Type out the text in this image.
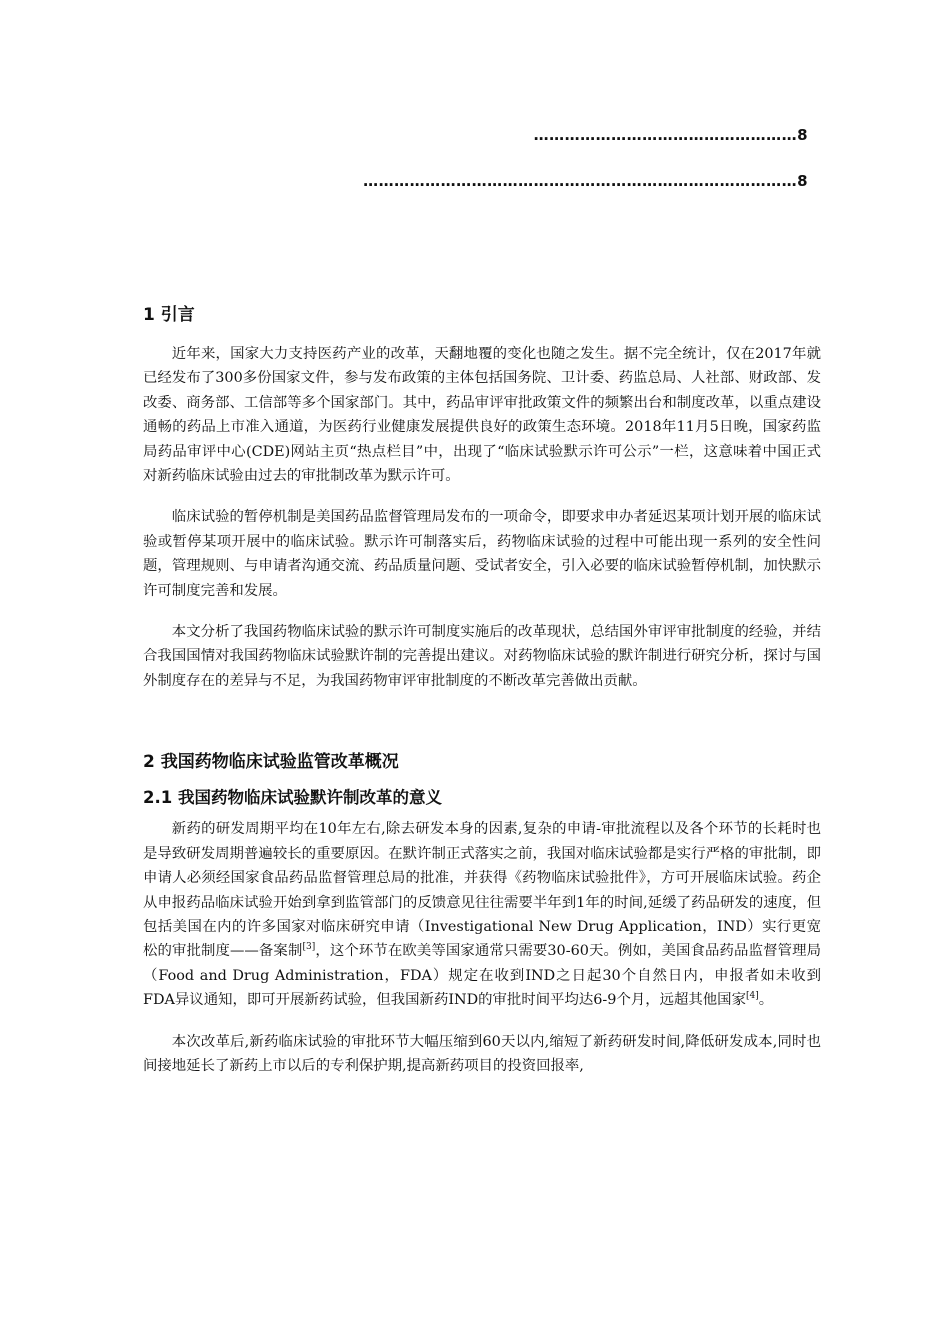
……………………………………………8
…………………………………………………………………………8
1 引言

近年来，国家大力支持医药产业的改革，天翻地覆的变化也随之发生。据不完全统计，仅在2017年就已经发布了300多份国家文件，参与发布政策的主体包括国务院、卫计委、药监总局、人社部、财政部、发改委、商务部、工信部等多个国家部门。其中，药品审评审批政策文件的频繁出台和制度改革，以重点建设通畅的药品上市准入通道，为医药行业健康发展提供良好的政策生态环境。2018年11月5日晚，国家药监局药品审评中心(CDE)网站主页“热点栏目”中，出现了“临床试验默示许可公示”一栏，这意味着中国正式对新药临床试验由过去的审批制改革为默示许可。

临床试验的暂停机制是美国药品监督管理局发布的一项命令，即要求申办者延迟某项计划开展的临床试验或暂停某项开展中的临床试验。默示许可制落实后，药物临床试验的过程中可能出现一系列的安全性问题，管理规则、与申请者沟通交流、药品质量问题、受试者安全，引入必要的临床试验暂停机制，加快默示许可制度完善和发展。

本文分析了我国药物临床试验的默示许可制度实施后的改革现状，总结国外审评审批制度的经验，并结合我国国情对我国药物临床试验默许制的完善提出建议。对药物临床试验的默许制进行研究分析，探讨与国外制度存在的差异与不足，为我国药物审评审批制度的不断改革完善做出贡献。

2 我国药物临床试验监管改革概况
2.1 我国药物临床试验默许制改革的意义

新药的研发周期平均在10年左右,除去研发本身的因素,复杂的申请-审批流程以及各个环节的长耗时也是导致研发周期普遍较长的重要原因。在默许制正式落实之前，我国对临床试验都是实行严格的审批制，即申请人必须经国家食品药品监督管理总局的批准，并获得《药物临床试验批件》，方可开展临床试验。药企从申报药品临床试验开始到拿到监管部门的反馈意见往往需要半年到1年的时间,延缓了药品研发的速度，但包括美国在内的许多国家对临床研究申请（Investigational New Drug Application，IND）实行更宽松的审批制度——备案制[3]，这个环节在欧美等国家通常只需要30-60天。例如，美国食品药品监督管理局（Food and Drug Administration，FDA）规定在收到IND之日起30个自然日内，申报者如未收到FDA异议通知，即可开展新药试验，但我国新药IND的审批时间平均达6-9个月，远超其他国家[4]。

本次改革后,新药临床试验的审批环节大幅压缩到60天以内,缩短了新药研发时间,降低研发成本,同时也间接地延长了新药上市以后的专利保护期,提高新药项目的投资回报率,
